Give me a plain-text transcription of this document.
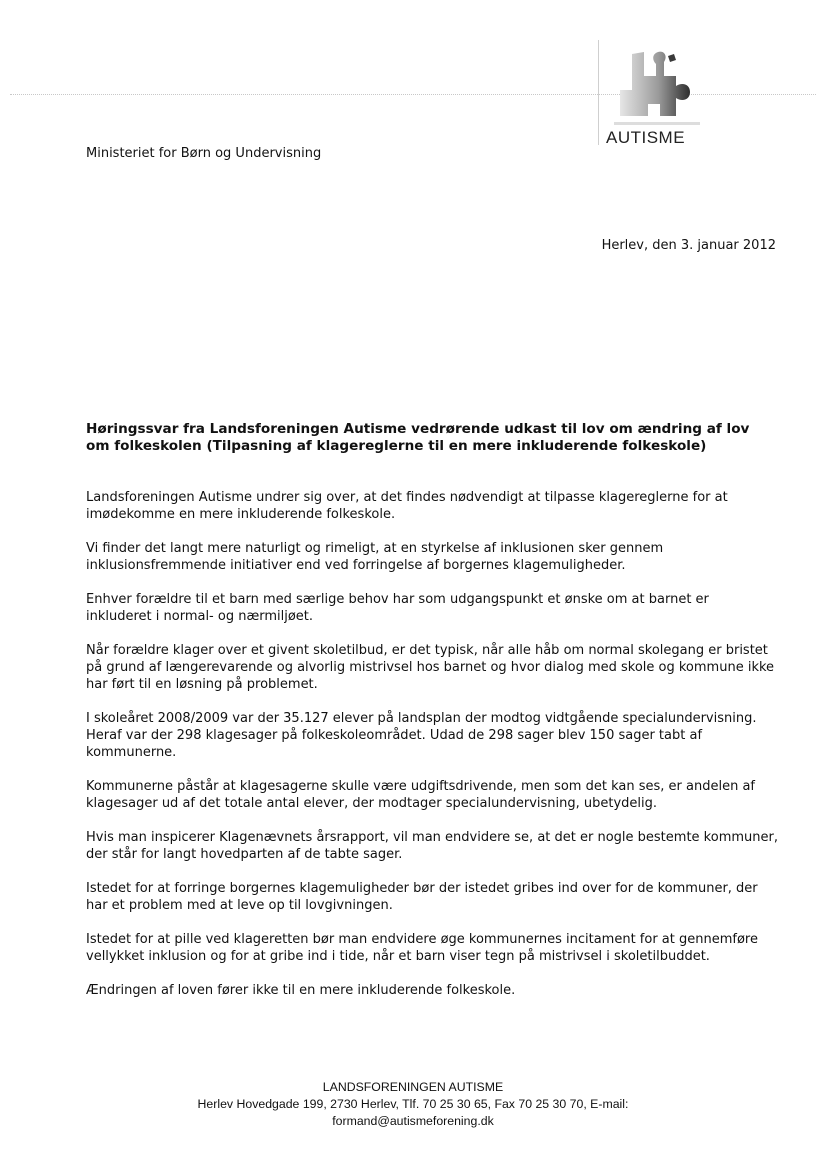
AUTISME
Ministeriet for Børn og Undervisning
Herlev, den 3. januar 2012
Høringssvar fra Landsforeningen Autisme vedrørende udkast til lov om ændring af lov om folkeskolen (Tilpasning af klagereglerne til en mere inkluderende folkeskole)

Landsforeningen Autisme undrer sig over, at det findes nødvendigt at tilpasse klagereglerne for at imødekomme en mere inkluderende folkeskole.

Vi finder det langt mere naturligt og rimeligt, at en styrkelse af inklusionen sker gennem inklusionsfremmende initiativer end ved forringelse af borgernes klagemuligheder.

Enhver forældre til et barn med særlige behov har som udgangspunkt et ønske om at barnet er inkluderet i normal- og nærmiljøet.

Når forældre klager over et givent skoletilbud, er det typisk, når alle håb om normal skolegang er bristet på grund af længerevarende og alvorlig mistrivsel hos barnet og hvor dialog med skole og kommune ikke har ført til en løsning på problemet.

I skoleåret 2008/2009 var der 35.127 elever på landsplan der modtog vidtgående specialundervisning. Heraf var der 298 klagesager på folkeskoleområdet. Udad de 298 sager blev 150 sager tabt af kommunerne.

Kommunerne påstår at klagesagerne skulle være udgiftsdrivende, men som det kan ses, er andelen af klagesager ud af det totale antal elever, der modtager specialundervisning, ubetydelig.

Hvis man inspicerer Klagenævnets årsrapport, vil man endvidere se, at det er nogle bestemte kommuner, der står for langt hovedparten af de tabte sager.

Istedet for at forringe borgernes klagemuligheder bør der istedet gribes ind over for de kommuner, der har et problem med at leve op til lovgivningen.

Istedet for at pille ved klageretten bør man endvidere øge kommunernes incitament for at gennemføre vellykket inklusion og for at gribe ind i tide, når et barn viser tegn på mistrivsel i skoletilbuddet.

Ændringen af loven fører ikke til en mere inkluderende folkeskole.

LANDSFORENINGEN AUTISME
Herlev Hovedgade 199, 2730 Herlev, Tlf. 70 25 30 65, Fax 70 25 30 70, E-mail:
formand@autismeforening.dk
